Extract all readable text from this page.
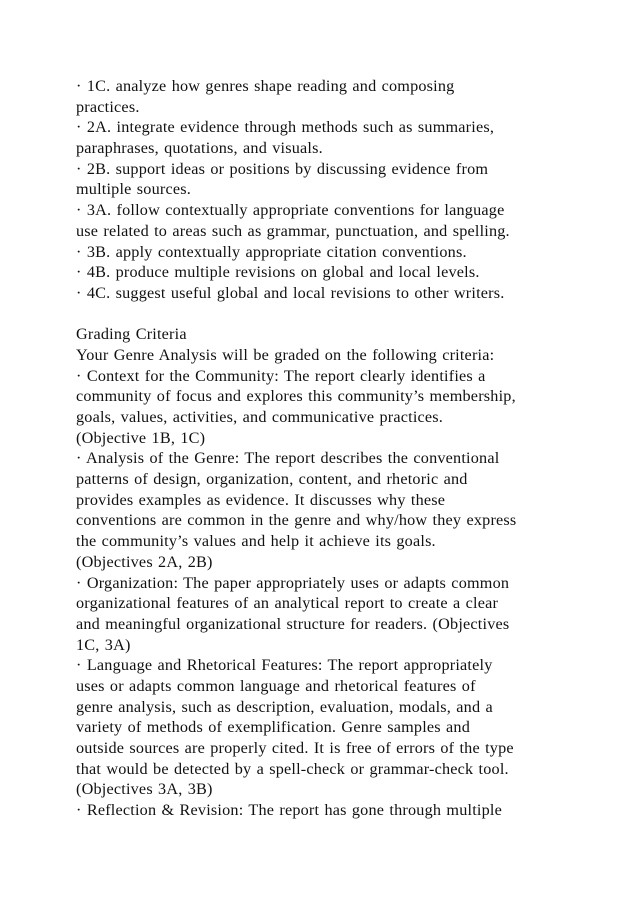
· 1C. analyze how genres shape reading and composing
practices.
· 2A. integrate evidence through methods such as summaries,
paraphrases, quotations, and visuals.
· 2B. support ideas or positions by discussing evidence from
multiple sources.
· 3A. follow contextually appropriate conventions for language
use related to areas such as grammar, punctuation, and spelling.
· 3B. apply contextually appropriate citation conventions.
· 4B. produce multiple revisions on global and local levels.
· 4C. suggest useful global and local revisions to other writers.
Grading Criteria
Your Genre Analysis will be graded on the following criteria:
· Context for the Community: The report clearly identifies a
community of focus and explores this community’s membership,
goals, values, activities, and communicative practices.
(Objective 1B, 1C)
· Analysis of the Genre: The report describes the conventional
patterns of design, organization, content, and rhetoric and
provides examples as evidence. It discusses why these
conventions are common in the genre and why/how they express
the community’s values and help it achieve its goals.
(Objectives 2A, 2B)
· Organization: The paper appropriately uses or adapts common
organizational features of an analytical report to create a clear
and meaningful organizational structure for readers. (Objectives
1C, 3A)
· Language and Rhetorical Features: The report appropriately
uses or adapts common language and rhetorical features of
genre analysis, such as description, evaluation, modals, and a
variety of methods of exemplification. Genre samples and
outside sources are properly cited. It is free of errors of the type
that would be detected by a spell-check or grammar-check tool.
(Objectives 3A, 3B)
· Reflection & Revision: The report has gone through multiple
